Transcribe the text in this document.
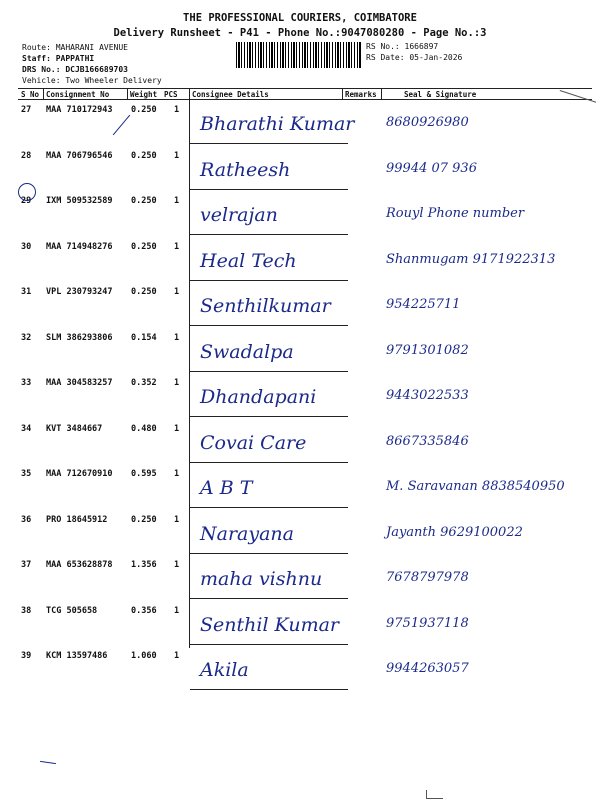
THE PROFESSIONAL COURIERS, COIMBATORE
Delivery Runsheet - P41 - Phone No.:9047080280 - Page No.:3
Route: MAHARANI AVENUE
Staff: PAPPATHI
DRS No.: DCJB166689703
Vehicle: Two Wheeler Delivery
RS No.: 1666897
RS Date: 05-Jan-2026
S No Consignment No	Weight PCS Consignee Details	Remarks	Seal & Signature
27 MAA 710172943 0.250 1
Bharathi Kumar 8680926980
28 MAA 706796546 0.250 1
Ratheesh	99944 07 936
29 IXM 509532589 0.250 1
velrajan	Rouyl Phone number
30 MAA 714948276 0.250 1
Heal Tech	Shanmugam 9171922313
31 VPL 230793247 0.250 1
Senthilkumar	954225711
32 SLM 386293806 0.154 1
Swadalpa	9791301082
33 MAA 304583257 0.352 1
Dhandapani	9443022533
34 KVT 3484667	0.480 1
Covai Care	8667335846
35 MAA 712670910 0.595 1
A B T	M. Saravanan 8838540950
36 PRO 18645912	0.250 1
Narayana	Jayanth 9629100022
37 MAA 653628878 1.356 1
maha vishnu	7678797978
38 TCG 505658	0.356 1
Senthil Kumar	9751937118
39 KCM 13597486	1.060 1
Akila	9944263057
